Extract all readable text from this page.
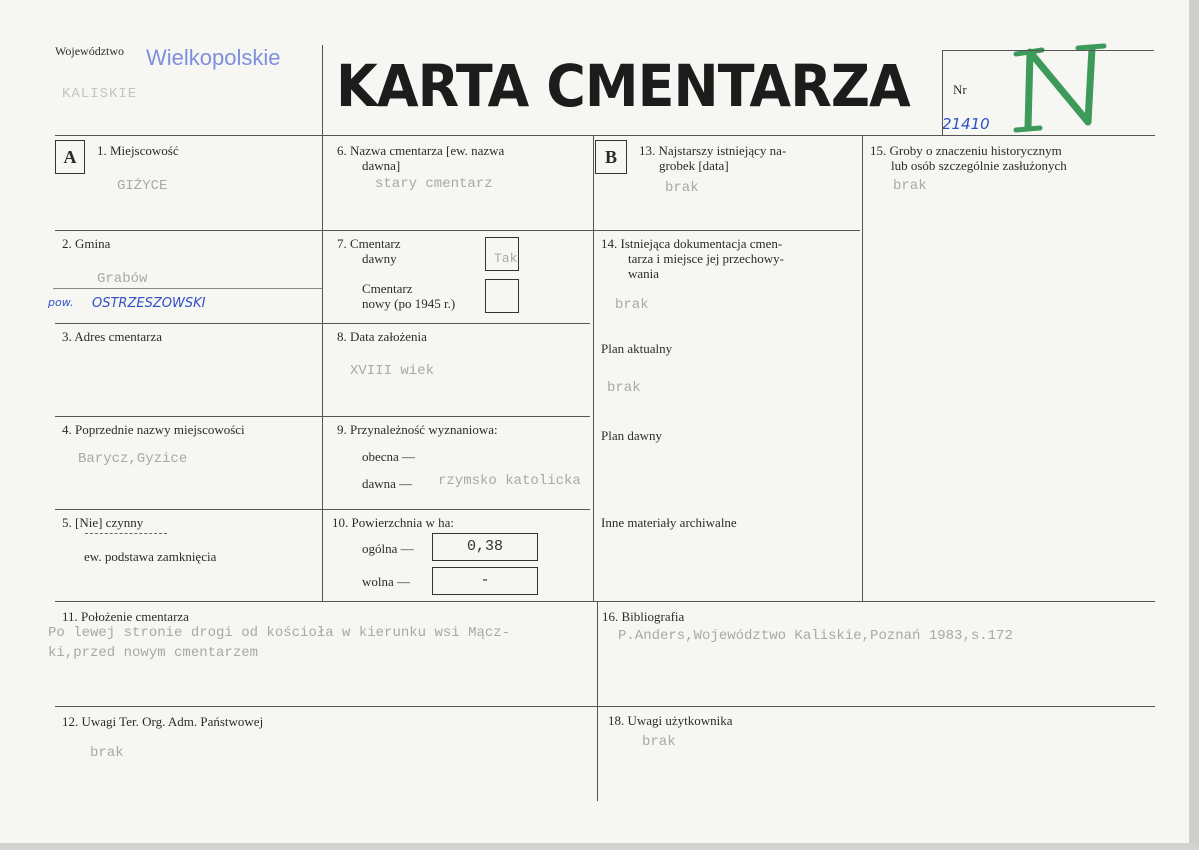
Województwo Wielkopolskie
KALISKIE	KARTA CMENTARZA	Nr
21410
A	B
1. Miejscowość
GIŻYCE
2. Gmina
Grabów
pow. OSTRZESZOWSKI
3. Adres cmentarza
4. Poprzednie nazwy miejscowości
Barycz,Gyzice
5. [Nie] czynny
ew. podstawa zamknięcia
6. Nazwa cmentarza [ew. nazwa
dawna]
stary cmentarz
7. Cmentarz
dawny	Tak
Cmentarz
nowy (po 1945 r.)
8. Data założenia
XVIII wiek
9. Przynależność wyznaniowa:
obecna —
dawna — rzymsko katolicka
10. Powierzchnia w ha:
ogólna —	0,38
wolna —	-
11. Położenie cmentarza
Po lewej stronie drogi od kościoła w kierunku wsi Mącz-
ki,przed nowym cmentarzem
12. Uwagi Ter. Org. Adm. Państwowej
brak
13. Najstarszy istniejący na-
grobek [data]
brak
14. Istniejąca dokumentacja cmen-
tarza i miejsce jej przechowy-
wania
brak
Plan aktualny
brak
Plan dawny
Inne materiały archiwalne
15. Groby o znaczeniu historycznym
lub osób szczególnie zasłużonych
brak
16. Bibliografia
P.Anders,Województwo Kaliskie,Poznań 1983,s.172
18. Uwagi użytkownika
brak
